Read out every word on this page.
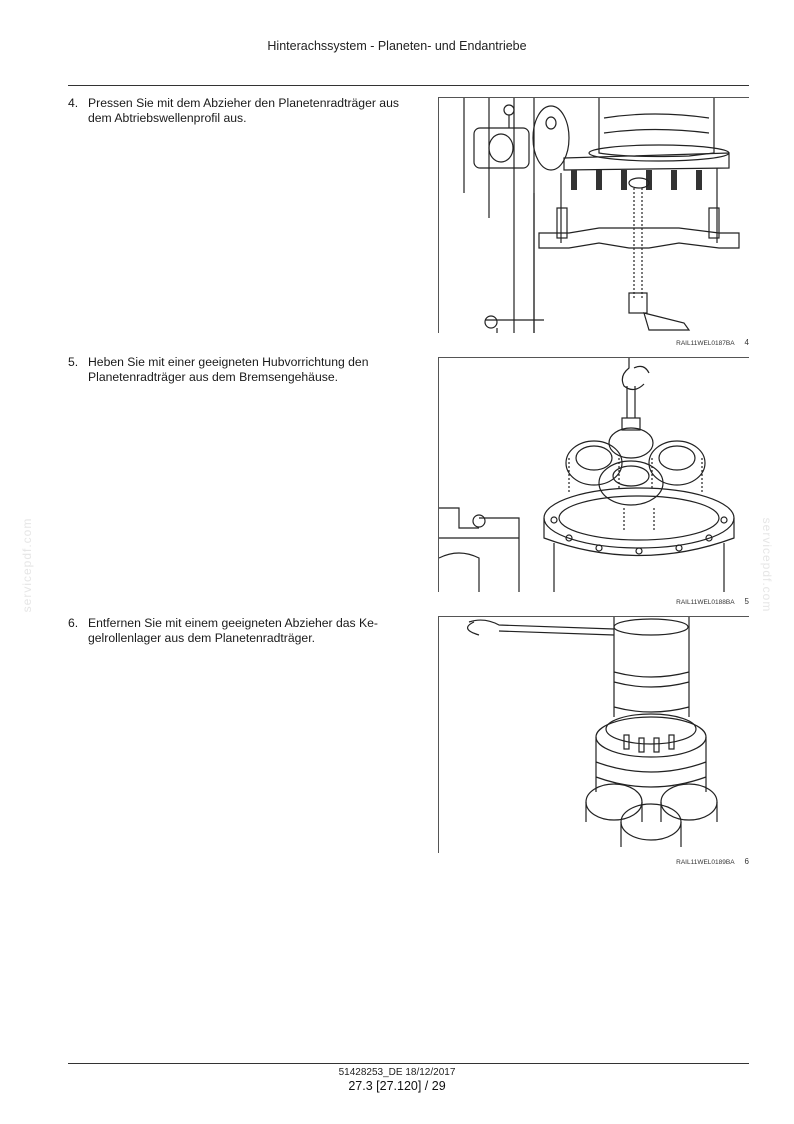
Hinterachssystem - Planeten- und Endantriebe
4. Pressen Sie mit dem Abzieher den Planetenradträger aus dem Abtriebswellenprofil aus.
RAIL11WEL0187BA 4
5. Heben Sie mit einer geeigneten Hubvorrichtung den Planetenradträger aus dem Bremsengehäuse.
RAIL11WEL0188BA 5
6. Entfernen Sie mit einem geeigneten Abzieher das Ke-gelrollenlager aus dem Planetenradträger.
RAIL11WEL0189BA 6
servicepdf.com	servicepdf.com
51428253_DE 18/12/2017
27.3 [27.120] / 29
